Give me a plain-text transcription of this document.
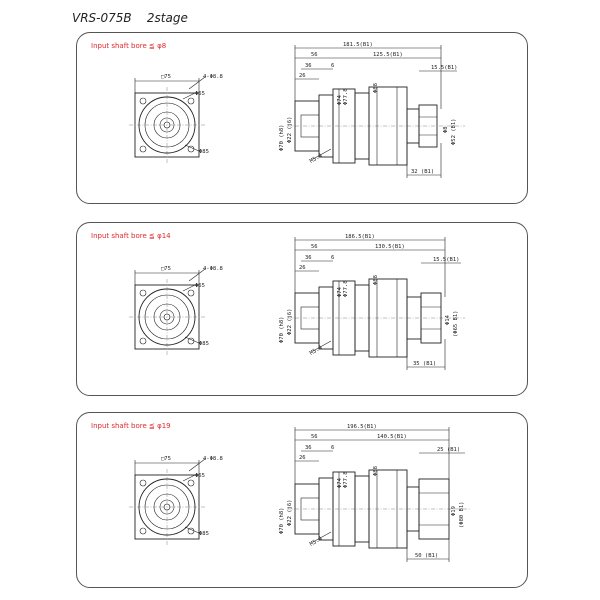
VRS-075B    2stage
Input shaft bore ≦ φ8
□75	4-Φ8.8
Φ65
Φ85
181.5(B1)
56	125.5(B1)
36	6
26
15.5(B1)
Φ74 Φ77.8
Φ88
Φ70 (h8) Φ22 (j6)	Φ8 Φ52 (B1)
M5.4
32 (B1)
Input shaft bore ≦ φ14
□75	4-Φ8.8
Φ65
Φ85
186.5(B1)
56	130.5(B1)
36	6
26
15.5(B1)
Φ74 Φ77.8
Φ88
Φ70 (h8) Φ22 (j6)	Φ14 (Φ65 B1)
M5.4
35 (B1)
Input shaft bore ≦ φ19
□75	4-Φ8.8
Φ65
Φ85
196.5(B1)
56	140.5(B1)
36	6
26
25 (B1)
Φ74 Φ77.8
Φ88
Φ70 (h8) Φ22 (j6)	Φ19 (Φ80 B1)
M5.4
50 (B1)
